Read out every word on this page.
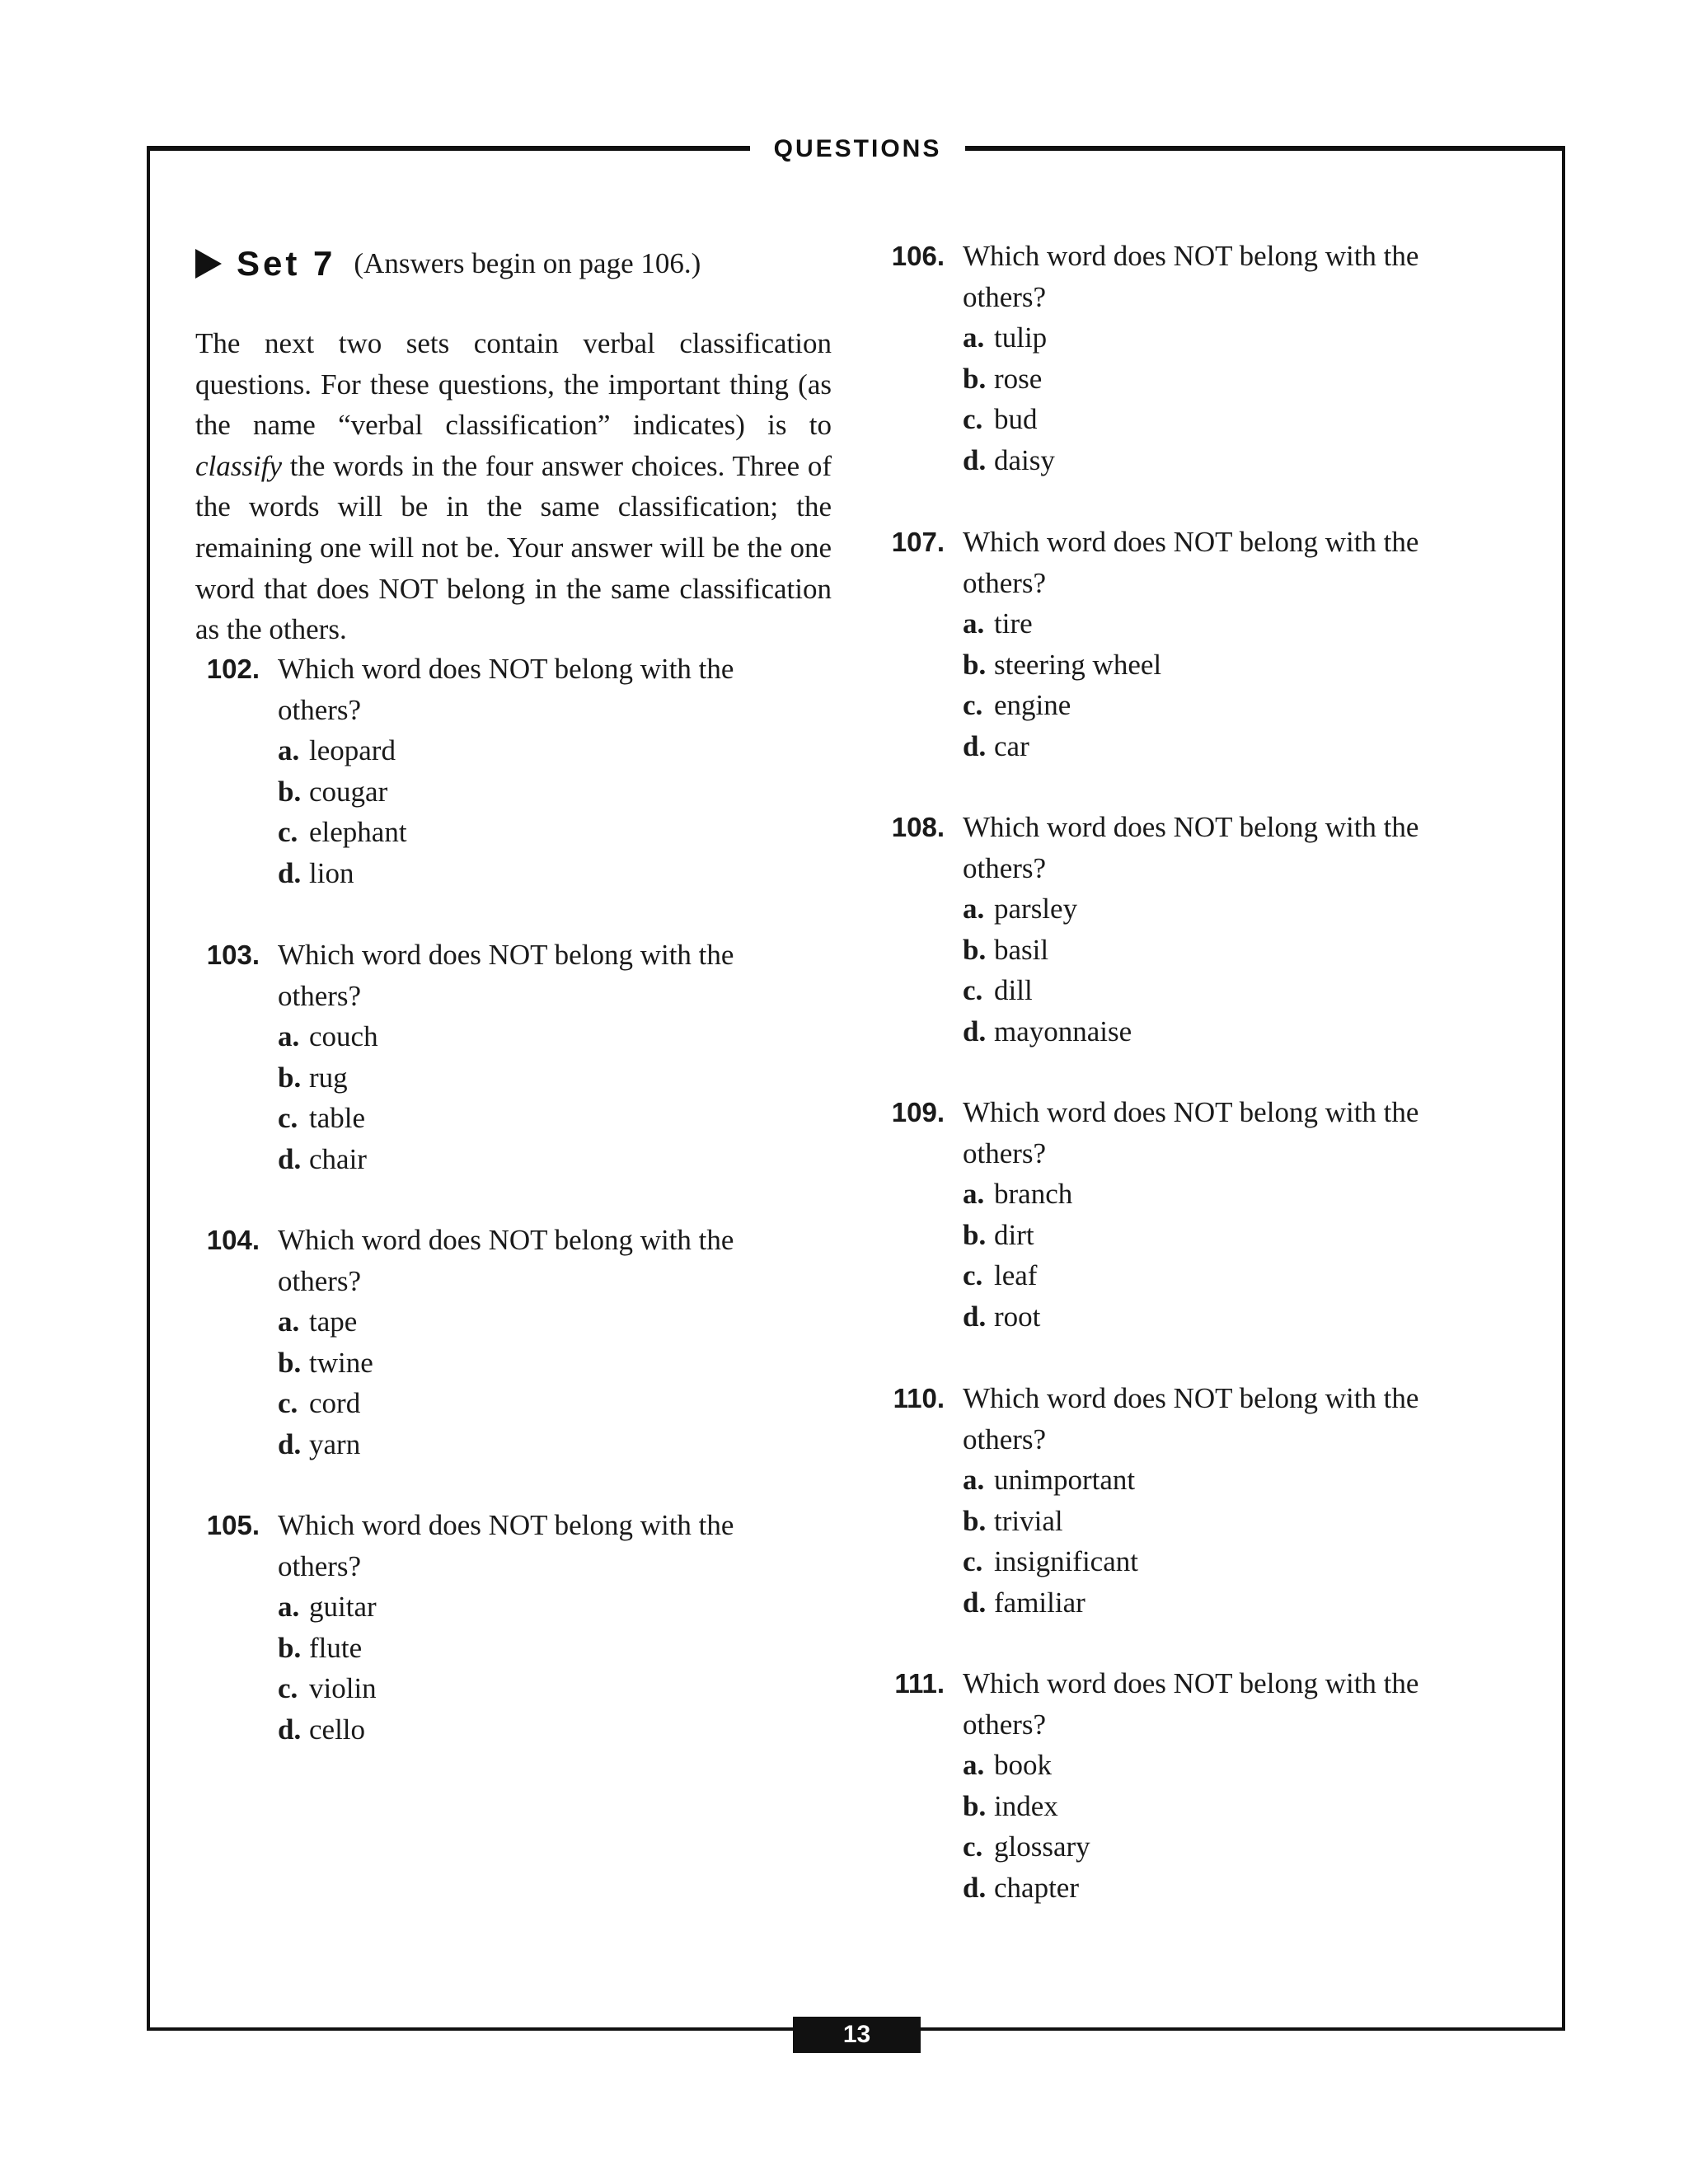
QUESTIONS
Set 7 (Answers begin on page 106.)
The next two sets contain verbal classification questions. For these questions, the important thing (as the name “verbal classification” indicates) is to classify the words in the four answer choices. Three of the words will be in the same classification; the remaining one will not be. Your answer will be the one word that does NOT belong in the same classification as the others.
102. Which word does NOT belong with the
others?
a. leopard
b. cougar
c. elephant
d. lion
103. Which word does NOT belong with the
others?
a. couch
b. rug
c. table
d. chair
104. Which word does NOT belong with the
others?
a. tape
b. twine
c. cord
d. yarn
105. Which word does NOT belong with the
others?
a. guitar
b. flute
c. violin
d. cello
106. Which word does NOT belong with the
others?
a. tulip
b. rose
c. bud
d. daisy
107. Which word does NOT belong with the
others?
a. tire
b. steering wheel
c. engine
d. car
108. Which word does NOT belong with the
others?
a. parsley
b. basil
c. dill
d. mayonnaise
109. Which word does NOT belong with the
others?
a. branch
b. dirt
c. leaf
d. root
110. Which word does NOT belong with the
others?
a. unimportant
b. trivial
c. insignificant
d. familiar
111. Which word does NOT belong with the
others?
a. book
b. index
c. glossary
d. chapter
13
